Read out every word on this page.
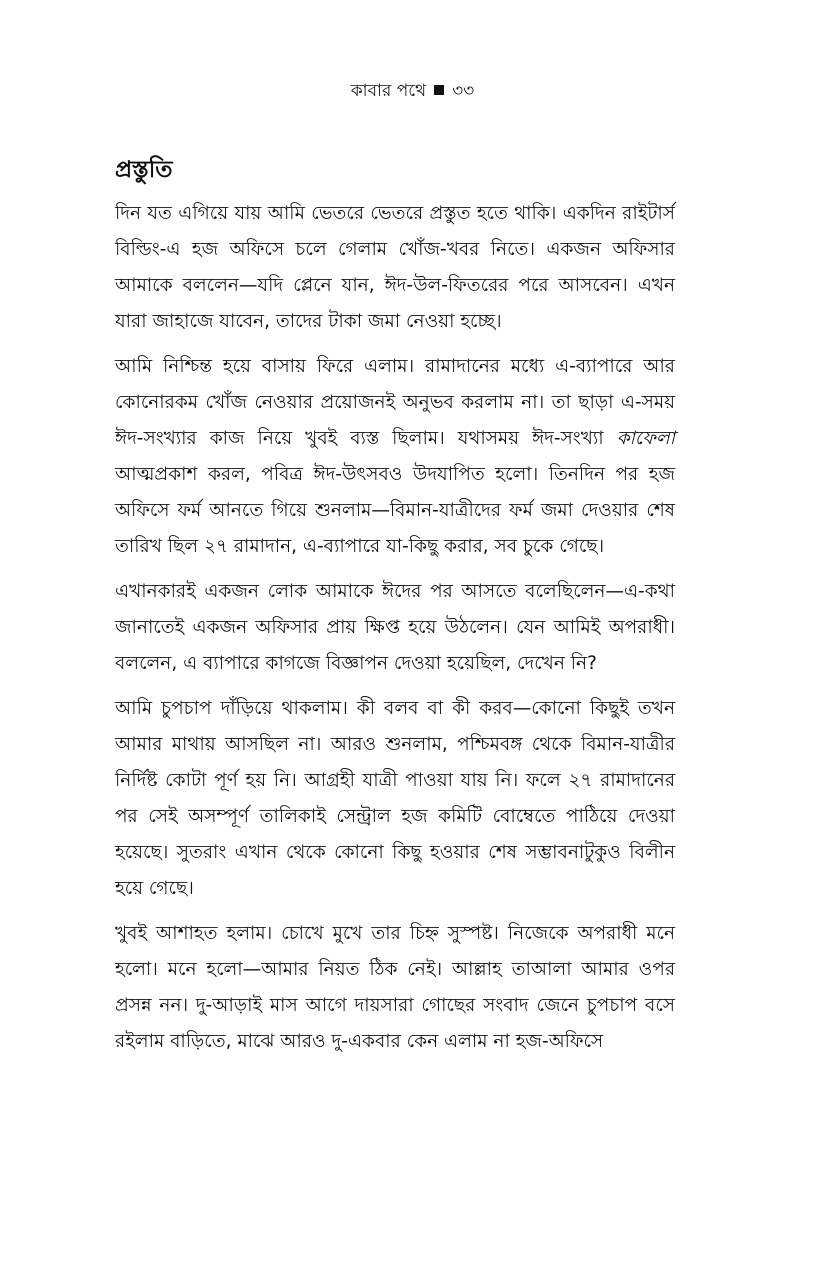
কাবার পথে ৩৩
প্রস্তুতি

দিন যত এগিয়ে যায় আমি ভেতরে ভেতরে প্রস্তুত হতে থাকি। একদিন রাইটার্স বিল্ডিং-এ হজ অফিসে চলে গেলাম খোঁজ-খবর নিতে। একজন অফিসার আমাকে বললেন—যদি প্লেনে যান, ঈদ-উল-ফিতরের পরে আসবেন। এখন যারা জাহাজে যাবেন, তাদের টাকা জমা নেওয়া হচ্ছে।

আমি নিশ্চিন্ত হয়ে বাসায় ফিরে এলাম। রামাদানের মধ্যে এ-ব্যাপারে আর কোনোরকম খোঁজ নেওয়ার প্রয়োজনই অনুভব করলাম না। তা ছাড়া এ-সময় ঈদ-সংখ্যার কাজ নিয়ে খুবই ব্যস্ত ছিলাম। যথাসময় ঈদ-সংখ্যা কাফেলা আত্মপ্রকাশ করল, পবিত্র ঈদ-উৎসবও উদযাপিত হলো। তিনদিন পর হজ অফিসে ফর্ম আনতে গিয়ে শুনলাম—বিমান-যাত্রীদের ফর্ম জমা দেওয়ার শেষ তারিখ ছিল ২৭ রামাদান, এ-ব্যাপারে যা-কিছু করার, সব চুকে গেছে।

এখানকারই একজন লোক আমাকে ঈদের পর আসতে বলেছিলেন—এ-কথা জানাতেই একজন অফিসার প্রায় ক্ষিপ্ত হয়ে উঠলেন। যেন আমিই অপরাধী। বললেন, এ ব্যাপারে কাগজে বিজ্ঞাপন দেওয়া হয়েছিল, দেখেন নি?

আমি চুপচাপ দাঁড়িয়ে থাকলাম। কী বলব বা কী করব—কোনো কিছুই তখন আমার মাথায় আসছিল না। আরও শুনলাম, পশ্চিমবঙ্গ থেকে বিমান-যাত্রীর নির্দিষ্ট কোটা পূর্ণ হয় নি। আগ্রহী যাত্রী পাওয়া যায় নি। ফলে ২৭ রামাদানের পর সেই অসম্পূর্ণ তালিকাই সেন্ট্রাল হজ কমিটি বোম্বেতে পাঠিয়ে দেওয়া হয়েছে। সুতরাং এখান থেকে কোনো কিছু হওয়ার শেষ সম্ভাবনাটুকুও বিলীন হয়ে গেছে।

খুবই আশাহত হলাম। চোখে মুখে তার চিহ্ন সুস্পষ্ট। নিজেকে অপরাধী মনে হলো। মনে হলো—আমার নিয়ত ঠিক নেই। আল্লাহ তাআলা আমার ওপর প্রসন্ন নন। দু-আড়াই মাস আগে দায়সারা গোছের সংবাদ জেনে চুপচাপ বসে রইলাম বাড়িতে, মাঝে আরও দু-একবার কেন এলাম না হজ-অফিসে
